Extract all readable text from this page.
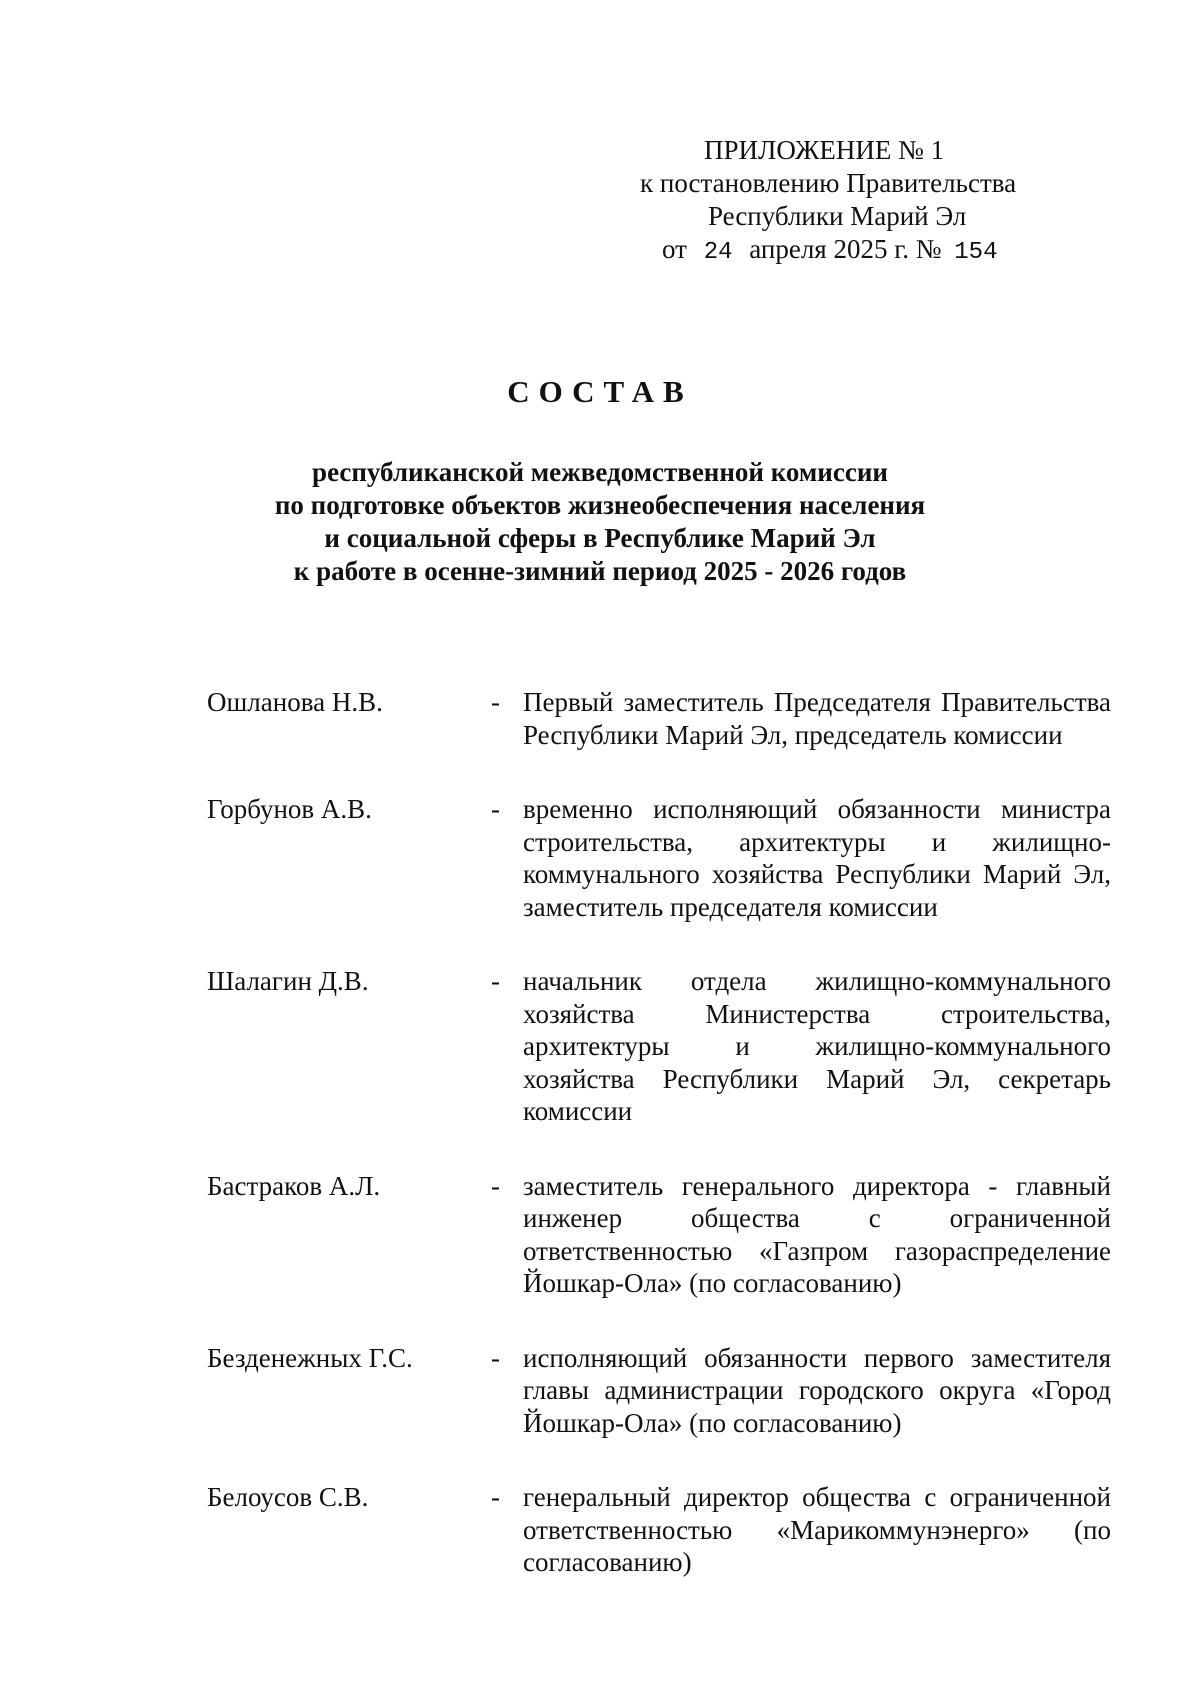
ПРИЛОЖЕНИЕ № 1
к постановлению Правительства
Республики Марий Эл
от 24 апреля 2025 г. № 154
СОСТАВ
республиканской межведомственной комиссии
по подготовке объектов жизнеобеспечения населения
и социальной сферы в Республике Марий Эл
к работе в осенне-зимний период 2025 - 2026 годов
Ошланова Н.В.	- Первый заместитель Председателя Правительства Республики Марий Эл, председатель комиссии
Горбунов А.В.	- временно исполняющий обязанности министра строительства, архитектуры и жилищно-коммунального хозяйства Республики Марий Эл, заместитель председателя комиссии
Шалагин Д.В.	- начальник отдела жилищно-коммунального хозяйства Министерства строительства, архитектуры и жилищно-коммунального хозяйства Республики Марий Эл, секретарь комиссии
Бастраков А.Л.	- заместитель генерального директора - главный инженер общества с ограниченной ответственностью «Газпром газораспределение Йошкар-Ола» (по согласованию)
Безденежных Г.С.	- исполняющий обязанности первого заместителя главы администрации городского округа «Город Йошкар-Ола» (по согласованию)
Белоусов С.В.	- генеральный директор общества с ограниченной ответственностью «Марикоммунэнерго» (по согласованию)
